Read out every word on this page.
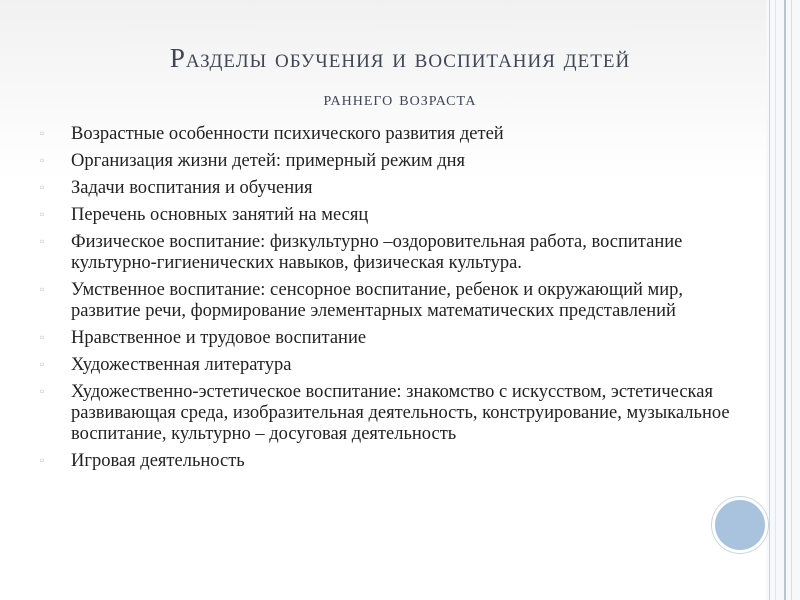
Разделы обучения и воспитания детей
раннего возраста
▫
Возрастные особенности психического развития детей
▫
Организация жизни детей: примерный режим дня
▫
Задачи воспитания и обучения
▫
Перечень основных занятий на месяц
▫
Физическое воспитание: физкультурно –оздоровительная работа, воспитание культурно-гигиенических навыков, физическая культура.
▫
Умственное воспитание: сенсорное воспитание, ребенок и окружающий мир, развитие речи, формирование элементарных математических представлений
▫
Нравственное и трудовое воспитание
▫
Художественная литература
▫
Художественно-эстетическое воспитание: знакомство с искусством, эстетическая развивающая среда, изобразительная деятельность, конструирование, музыкальное воспитание, культурно – досуговая деятельность
▫
Игровая деятельность
